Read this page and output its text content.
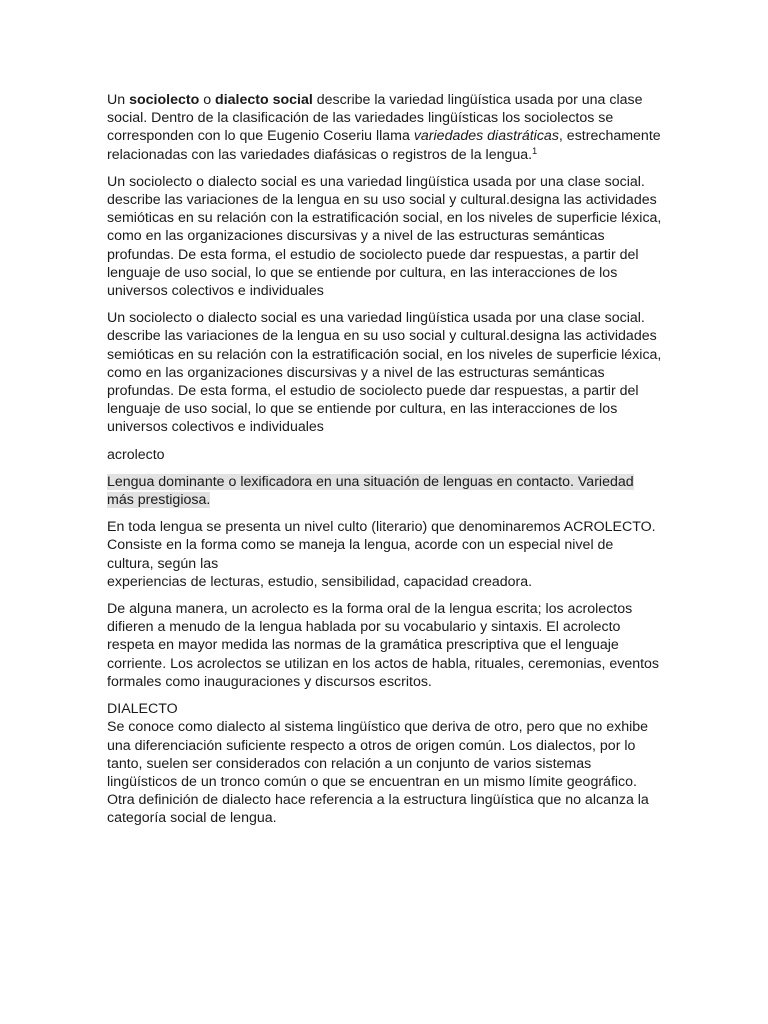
Un sociolecto o dialecto social describe la variedad lingüística usada por una clase social. Dentro de la clasificación de las variedades lingüísticas los sociolectos se corresponden con lo que Eugenio Coseriu llama variedades diastráticas, estrechamente relacionadas con las variedades diafásicas o registros de la lengua.$^1$

Un sociolecto o dialecto social es una variedad lingüística usada por una clase social. describe las variaciones de la lengua en su uso social y cultural.designa las actividades semióticas en su relación con la estratificación social, en los niveles de superficie léxica, como en las organizaciones discursivas y a nivel de las estructuras semánticas profundas. De esta forma, el estudio de sociolecto puede dar respuestas, a partir del lenguaje de uso social, lo que se entiende por cultura, en las interacciones de los universos colectivos e individuales

Un sociolecto o dialecto social es una variedad lingüística usada por una clase social. describe las variaciones de la lengua en su uso social y cultural.designa las actividades semióticas en su relación con la estratificación social, en los niveles de superficie léxica, como en las organizaciones discursivas y a nivel de las estructuras semánticas profundas. De esta forma, el estudio de sociolecto puede dar respuestas, a partir del lenguaje de uso social, lo que se entiende por cultura, en las interacciones de los universos colectivos e individuales

acrolecto

Lengua dominante o lexificadora en una situación de lenguas en contacto. Variedad más prestigiosa.

En toda lengua se presenta un nivel culto (literario) que denominaremos ACROLECTO.
Consiste en la forma como se maneja la lengua, acorde con un especial nivel de cultura, según las
experiencias de lecturas, estudio, sensibilidad, capacidad creadora.

De alguna manera, un acrolecto es la forma oral de la lengua escrita; los acrolectos difieren a menudo de la lengua hablada por su vocabulario y sintaxis. El acrolecto respeta en mayor medida las normas de la gramática prescriptiva que el lenguaje corriente. Los acrolectos se utilizan en los actos de habla, rituales, ceremonias, eventos formales como inauguraciones y discursos escritos.

DIALECTO
Se conoce como dialecto al sistema lingüístico que deriva de otro, pero que no exhibe una diferenciación suficiente respecto a otros de origen común. Los dialectos, por lo tanto, suelen ser considerados con relación a un conjunto de varios sistemas lingüísticos de un tronco común o que se encuentran en un mismo límite geográfico. Otra definición de dialecto hace referencia a la estructura lingüística que no alcanza la categoría social de lengua.
